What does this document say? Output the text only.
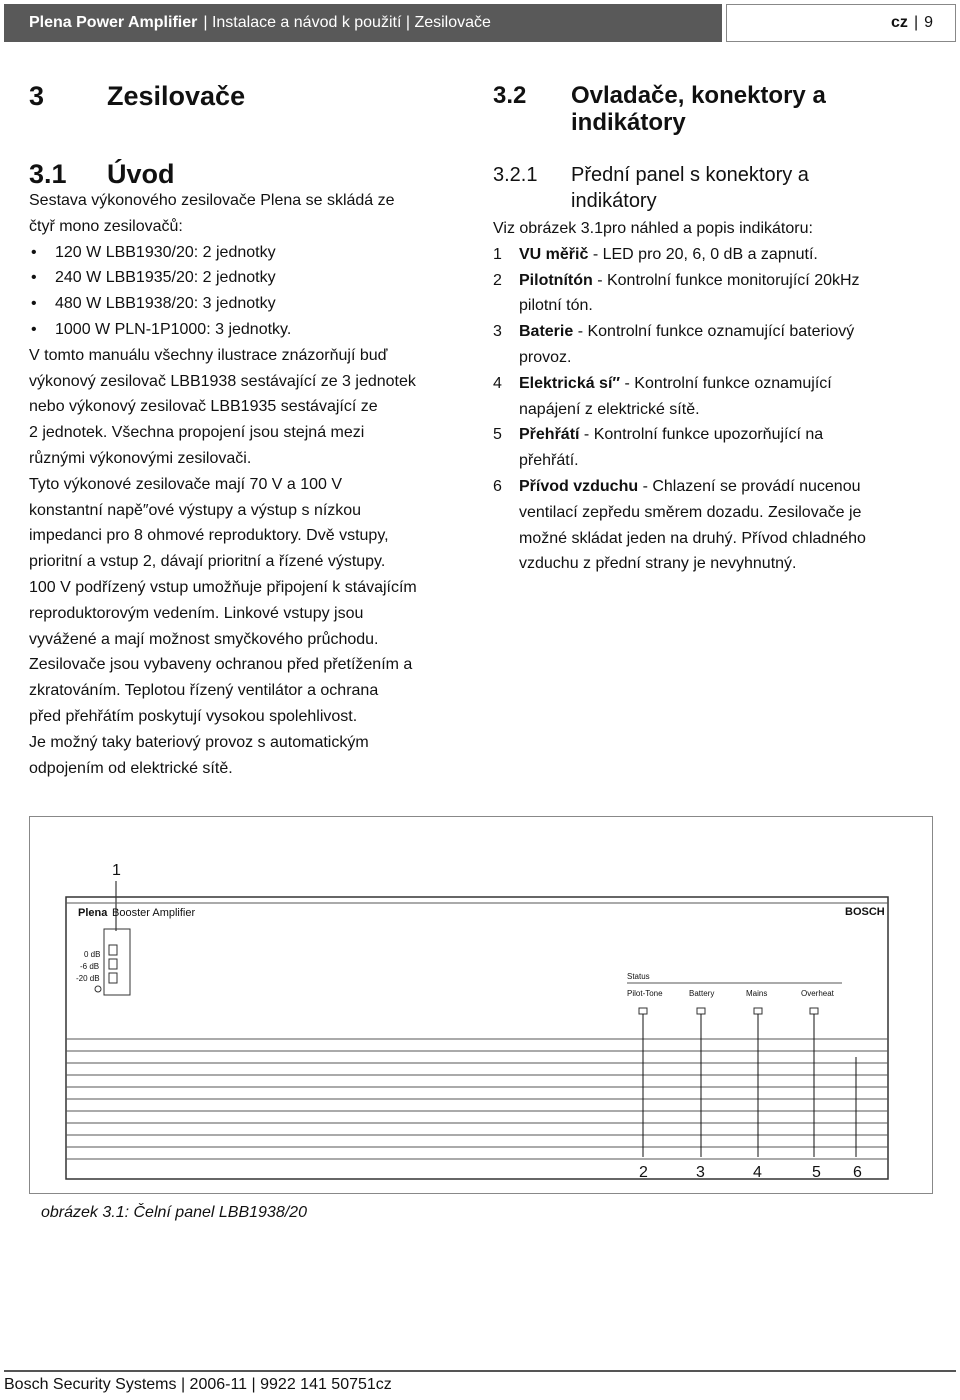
Plena Power Amplifier | Instalace a návod k použití | Zesilovače	cz | 9
3 Zesilovače
3.1 Úvod

Sestava výkonového zesilovače Plena se skládá ze

čtyř mono zesilovačů:

• 120 W LBB1930/20: 2 jednotky
• 240 W LBB1935/20: 2 jednotky
• 480 W LBB1938/20: 3 jednotky
• 1000 W PLN-1P1000: 3 jednotky.

V tomto manuálu všechny ilustrace znázorňují buď

výkonový zesilovač LBB1938 sestávající ze 3 jednotek

nebo výkonový zesilovač LBB1935 sestávající ze

2 jednotek. Všechna propojení jsou stejná mezi

různými výkonovými zesilovači.

Tyto výkonové zesilovače mají 70 V a 100 V

konstantní napě″ové výstupy a výstup s nízkou

impedanci pro 8 ohmové reproduktory. Dvě vstupy,

prioritní a vstup 2, dávají prioritní a řízené výstupy.

100 V podřízený vstup umožňuje připojení k stávajícím

reproduktorovým vedením. Linkové vstupy jsou

vyvážené a mají možnost smyčkového průchodu.

Zesilovače jsou vybaveny ochranou před přetížením a

zkratováním. Teplotou řízený ventilátor a ochrana

před přehřátím poskytují vysokou spolehlivost.

Je možný taky bateriový provoz s automatickým

odpojením od elektrické sítě.

3.2	Ovladače, konektory a
indikátory
3.2.1	Přední panel s konektory a
indikátory

Viz obrázek 3.1pro náhled a popis indikátoru:

1	VU měřič - LED pro 20, 6, 0 dB a zapnutí.
2	Pilotnítón - Kontrolní funkce monitorující 20kHz
pilotní tón.
3	Baterie - Kontrolní funkce oznamující bateriový
provoz.
4	Elektrická sí″ - Kontrolní funkce oznamující
napájení z elektrické sítě.
5	Přehřátí - Kontrolní funkce upozorňující na
přehřátí.
6	Přívod vzduchu - Chlazení se provádí nucenou
ventilací zepředu směrem dozadu. Zesilovače je
možné skládat jeden na druhý. Přívod chladného
vzduchu z přední strany je nevyhnutný.
1
Plena Booster Amplifier	BOSCH
0 dB
-6 dB
-20 dB	Status
Pilot-Tone	Battery	Mains	Overheat
2	3	4	5 6
obrázek 3.1: Čelní panel LBB1938/20
Bosch Security Systems | 2006-11 | 9922 141 50751cz
